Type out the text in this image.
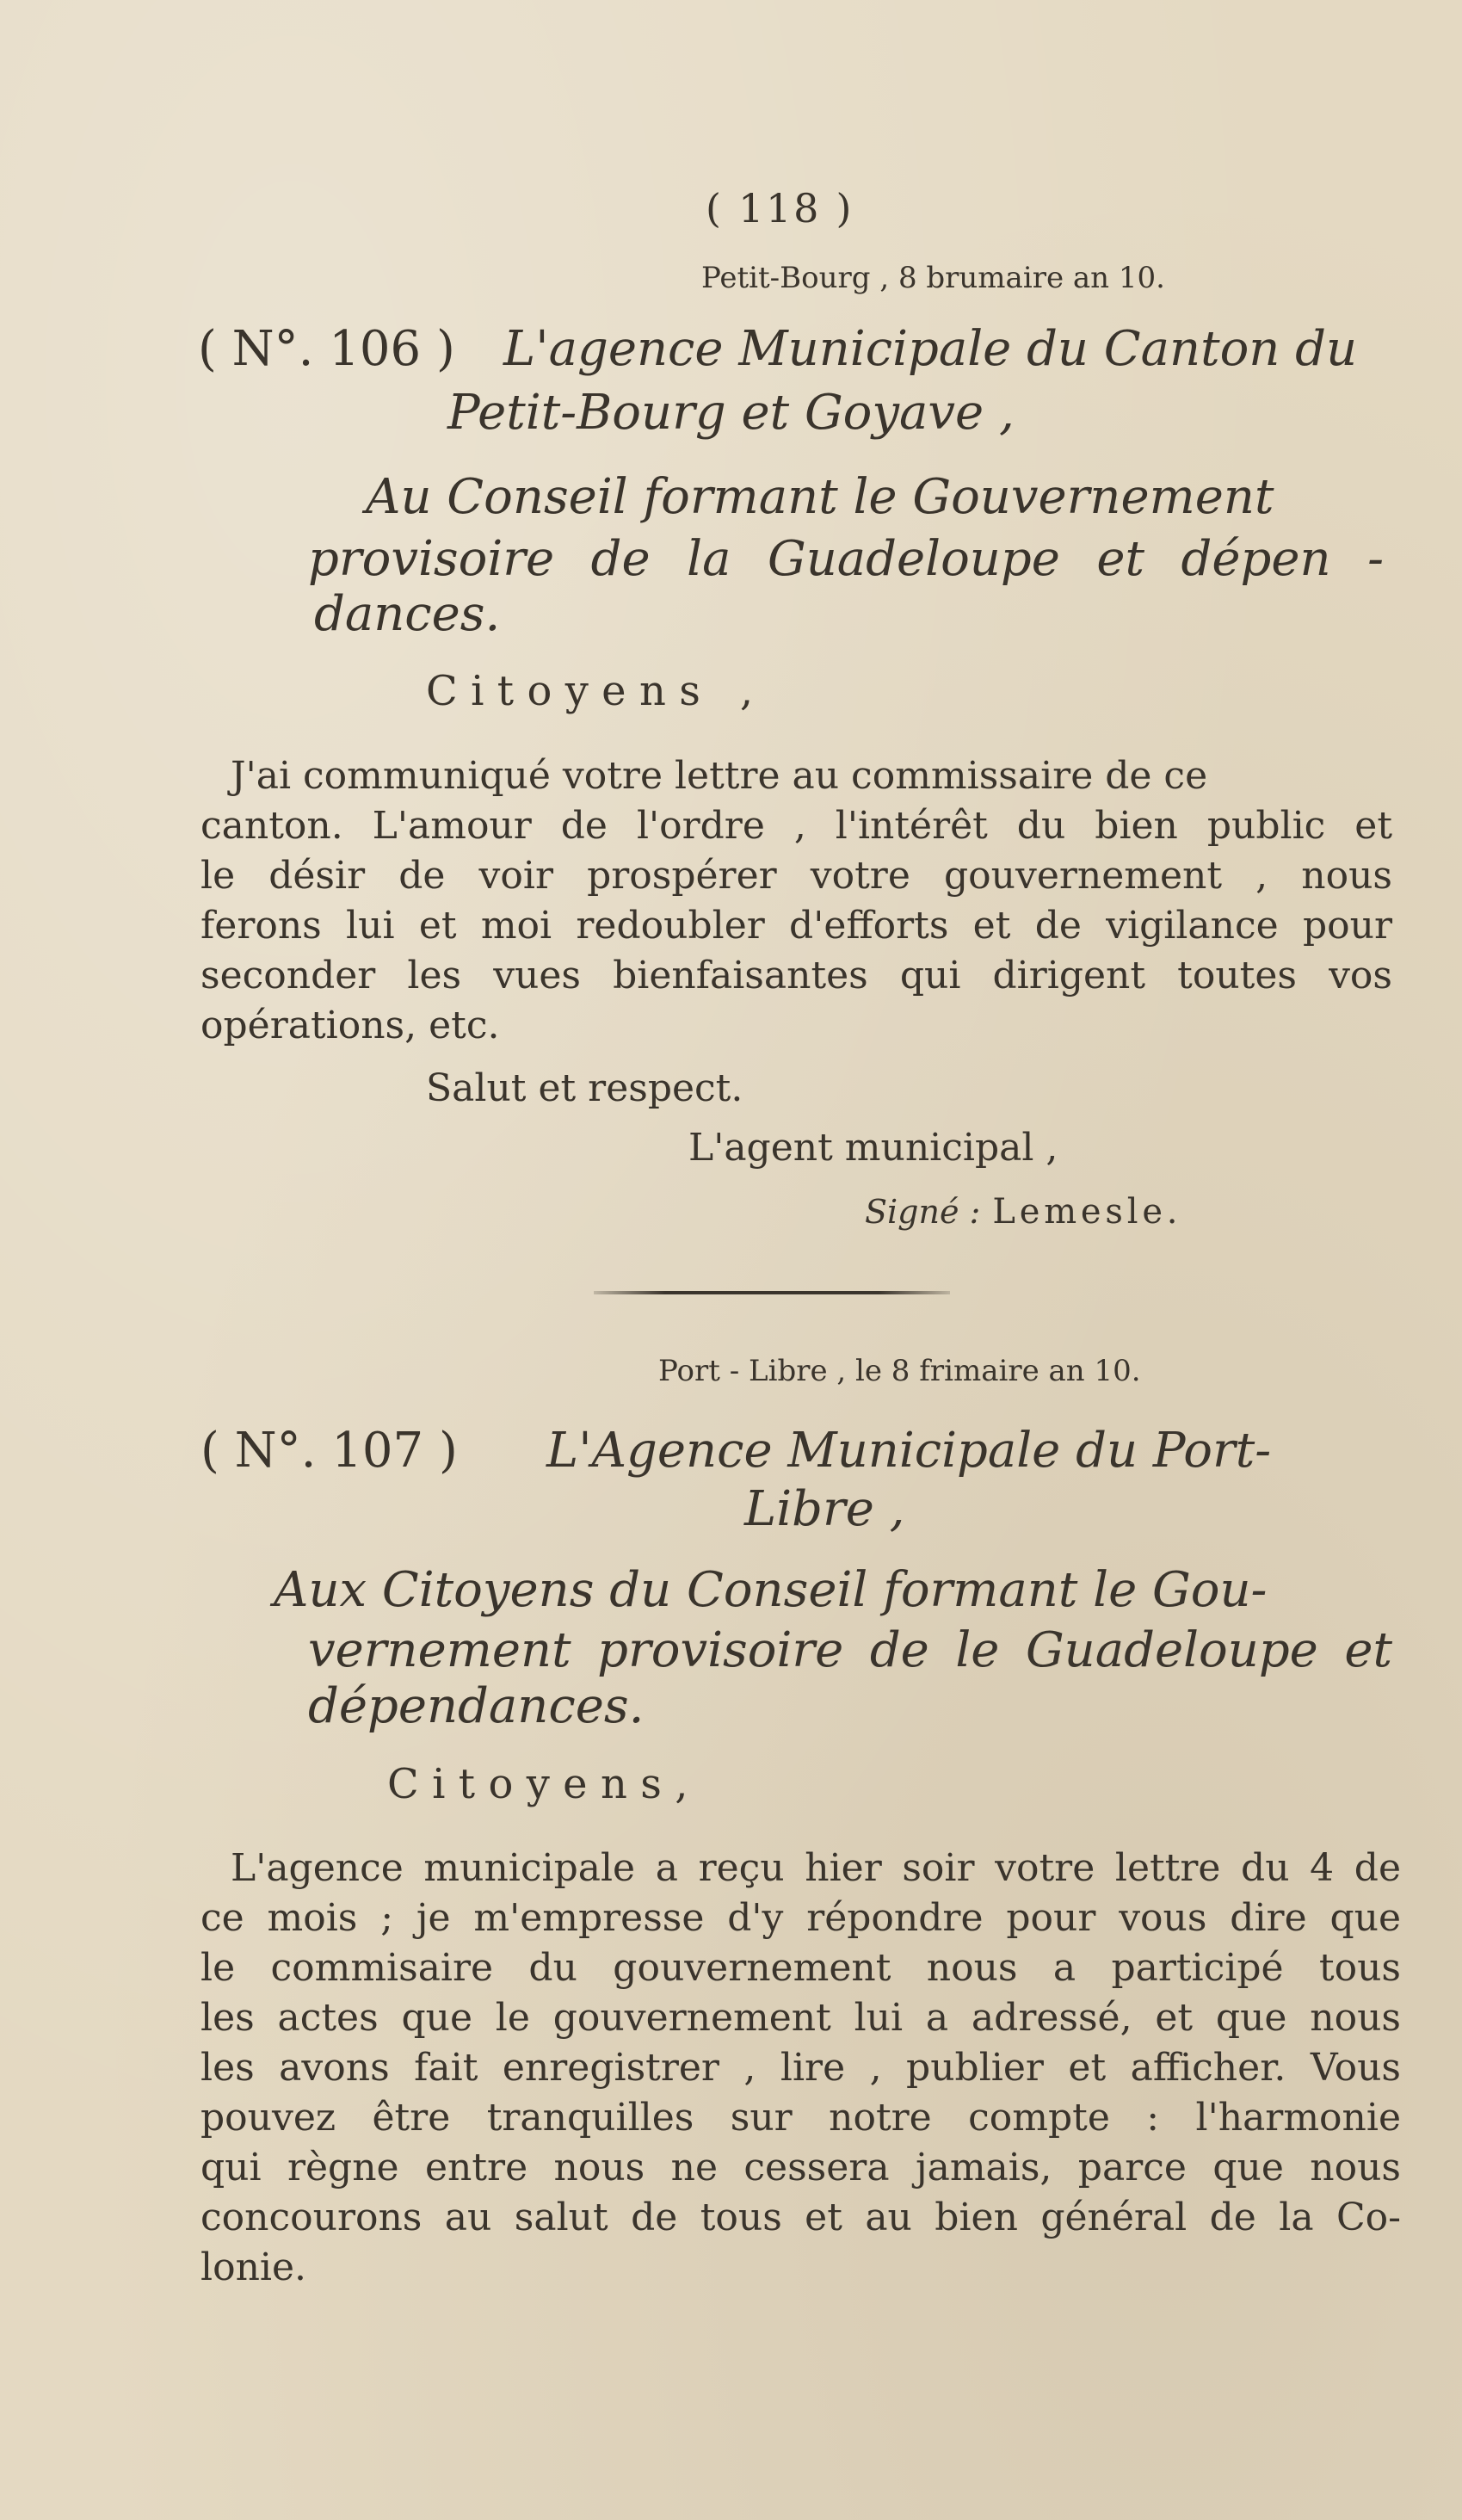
( 118 )
Petit-Bourg , 8 brumaire an 10.
( N°. 106 ) L'agence Municipale du Canton du
Petit-Bourg et Goyave ,
Au Conseil formant le Gouvernement
provisoire de la Guadeloupe et dépen -
dances.
Citoyens ,
J'ai communiqué votre lettre au commissaire de ce
canton. L'amour de l'ordre , l'intérêt du bien public et
le désir de voir prospérer votre gouvernement , nous
ferons lui et moi redoubler d'efforts et de vigilance pour
seconder les vues bienfaisantes qui dirigent toutes vos
opérations, etc.
Salut et respect.
L'agent municipal ,
Signé : Lemesle.
Port - Libre , le 8 frimaire an 10.
( N°. 107 ) L'Agence Municipale du Port-
Libre ,
Aux Citoyens du Conseil formant le Gou-
vernement provisoire de le Guadeloupe et
dépendances.
Citoyens,
L'agence municipale a reçu hier soir votre lettre du 4 de
ce mois ; je m'empresse d'y répondre pour vous dire que
le commisaire du gouvernement nous a participé tous
les actes que le gouvernement lui a adressé, et que nous
les avons fait enregistrer , lire , publier et afficher. Vous
pouvez être tranquilles sur notre compte : l'harmonie
qui règne entre nous ne cessera jamais, parce que nous
concourons au salut de tous et au bien général de la Co-
lonie.
